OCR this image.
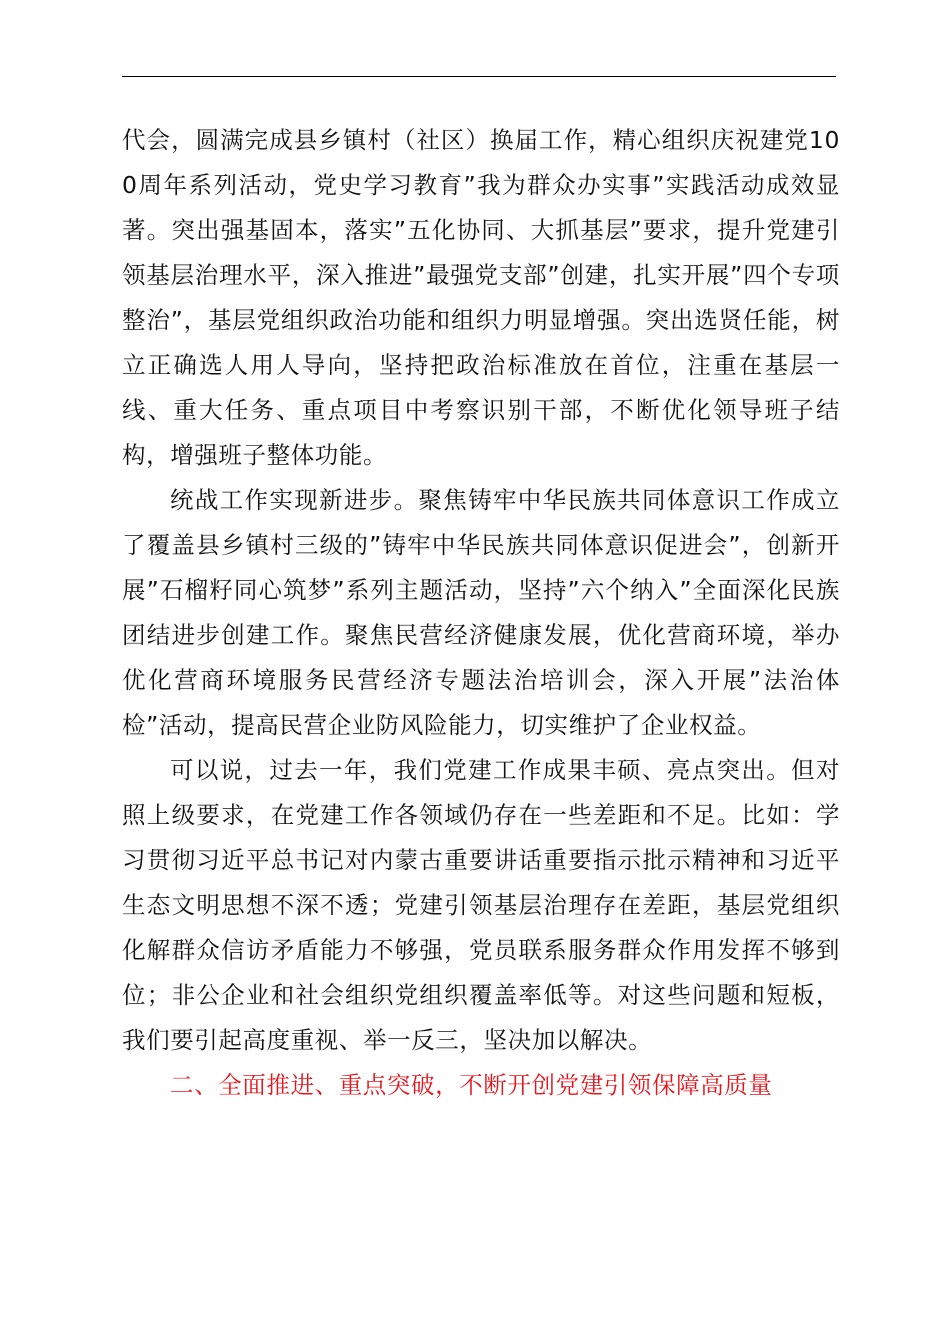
代会，圆满完成县乡镇村（社区）换届工作，精心组织庆祝建党100周年系列活动，党史学习教育”我为群众办实事”实践活动成效显著。突出强基固本，落实”五化协同、大抓基层”要求，提升党建引领基层治理水平，深入推进”最强党支部”创建，扎实开展”四个专项整治”，基层党组织政治功能和组织力明显增强。突出选贤任能，树立正确选人用人导向，坚持把政治标准放在首位，注重在基层一线、重大任务、重点项目中考察识别干部，不断优化领导班子结构，增强班子整体功能。

统战工作实现新进步。聚焦铸牢中华民族共同体意识工作成立了覆盖县乡镇村三级的”铸牢中华民族共同体意识促进会”，创新开展”石榴籽同心筑梦”系列主题活动，坚持”六个纳入”全面深化民族团结进步创建工作。聚焦民营经济健康发展，优化营商环境，举办优化营商环境服务民营经济专题法治培训会，深入开展”法治体检”活动，提高民营企业防风险能力，切实维护了企业权益。

可以说，过去一年，我们党建工作成果丰硕、亮点突出。但对照上级要求，在党建工作各领域仍存在一些差距和不足。比如：学习贯彻习近平总书记对内蒙古重要讲话重要指示批示精神和习近平生态文明思想不深不透；党建引领基层治理存在差距，基层党组织化解群众信访矛盾能力不够强，党员联系服务群众作用发挥不够到位；非公企业和社会组织党组织覆盖率低等。对这些问题和短板，我们要引起高度重视、举一反三，坚决加以解决。

二、全面推进、重点突破，不断开创党建引领保障高质量
